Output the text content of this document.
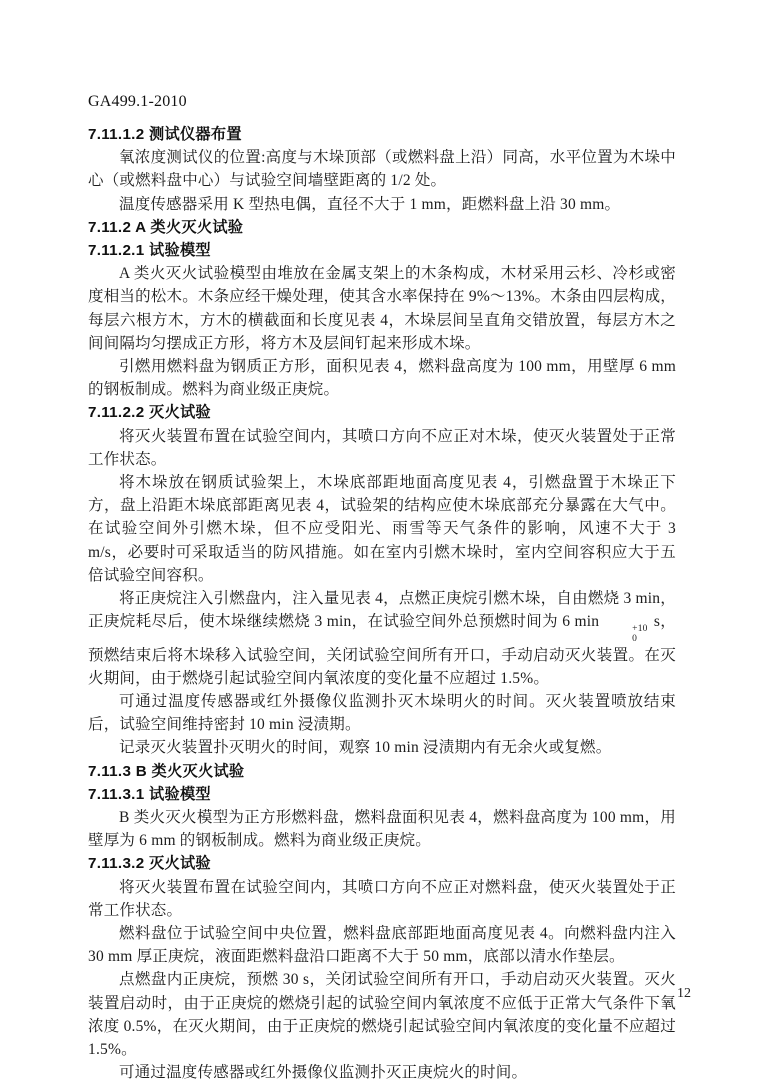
GA499.1-2010
7.11.1.2 测试仪器布置

氧浓度测试仪的位置:高度与木垛顶部（或燃料盘上沿）同高，水平位置为木垛中心（或燃料盘中心）与试验空间墙壁距离的 1/2 处。

温度传感器采用 K 型热电偶，直径不大于 1 mm，距燃料盘上沿 30 mm。

7.11.2 A 类火灭火试验
7.11.2.1 试验模型

A 类火灭火试验模型由堆放在金属支架上的木条构成，木材采用云杉、冷杉或密度相当的松木。木条应经干燥处理，使其含水率保持在 9%～13%。木条由四层构成，每层六根方木，方木的横截面和长度见表 4，木垛层间呈直角交错放置，每层方木之间间隔均匀摆成正方形，将方木及层间钉起来形成木垛。

引燃用燃料盘为钢质正方形，面积见表 4，燃料盘高度为 100 mm，用壁厚 6 mm 的钢板制成。燃料为商业级正庚烷。

7.11.2.2 灭火试验

将灭火装置布置在试验空间内，其喷口方向不应正对木垛，使灭火装置处于正常工作状态。

将木垛放在钢质试验架上，木垛底部距地面高度见表 4，引燃盘置于木垛正下方，盘上沿距木垛底部距离见表 4，试验架的结构应使木垛底部充分暴露在大气中。在试验空间外引燃木垛，但不应受阳光、雨雪等天气条件的影响，风速不大于 3 m/s，必要时可采取适当的防风措施。如在室内引燃木垛时，室内空间容积应大于五倍试验空间容积。

将正庚烷注入引燃盘内，注入量见表 4，点燃正庚烷引燃木垛，自由燃烧 3 min，正庚烷耗尽后，使木垛继续燃烧 3 min，在试验空间外总预燃时间为 6 min	+10
0
s，预燃结束后将木垛移入试验空间，关闭试验空间所有开口，手动启动灭火装置。在灭火期间，由于燃烧引起试验空间内氧浓度的变化量不应超过 1.5%。

可通过温度传感器或红外摄像仪监测扑灭木垛明火的时间。灭火装置喷放结束后，试验空间维持密封 10 min 浸渍期。

记录灭火装置扑灭明火的时间，观察 10 min 浸渍期内有无余火或复燃。

7.11.3 B 类火灭火试验
7.11.3.1 试验模型

B 类火灭火模型为正方形燃料盘，燃料盘面积见表 4，燃料盘高度为 100 mm，用壁厚为 6 mm 的钢板制成。燃料为商业级正庚烷。

7.11.3.2 灭火试验

将灭火装置布置在试验空间内，其喷口方向不应正对燃料盘，使灭火装置处于正常工作状态。

燃料盘位于试验空间中央位置，燃料盘底部距地面高度见表 4。向燃料盘内注入 30 mm 厚正庚烷，液面距燃料盘沿口距离不大于 50 mm，底部以清水作垫层。

点燃盘内正庚烷，预燃 30 s，关闭试验空间所有开口，手动启动灭火装置。灭火装置启动时，由于正庚烷的燃烧引起的试验空间内氧浓度不应低于正常大气条件下氧浓度 0.5%，在灭火期间，由于正庚烷的燃烧引起试验空间内氧浓度的变化量不应超过 1.5%。

可通过温度传感器或红外摄像仪监测扑灭正庚烷火的时间。

12
